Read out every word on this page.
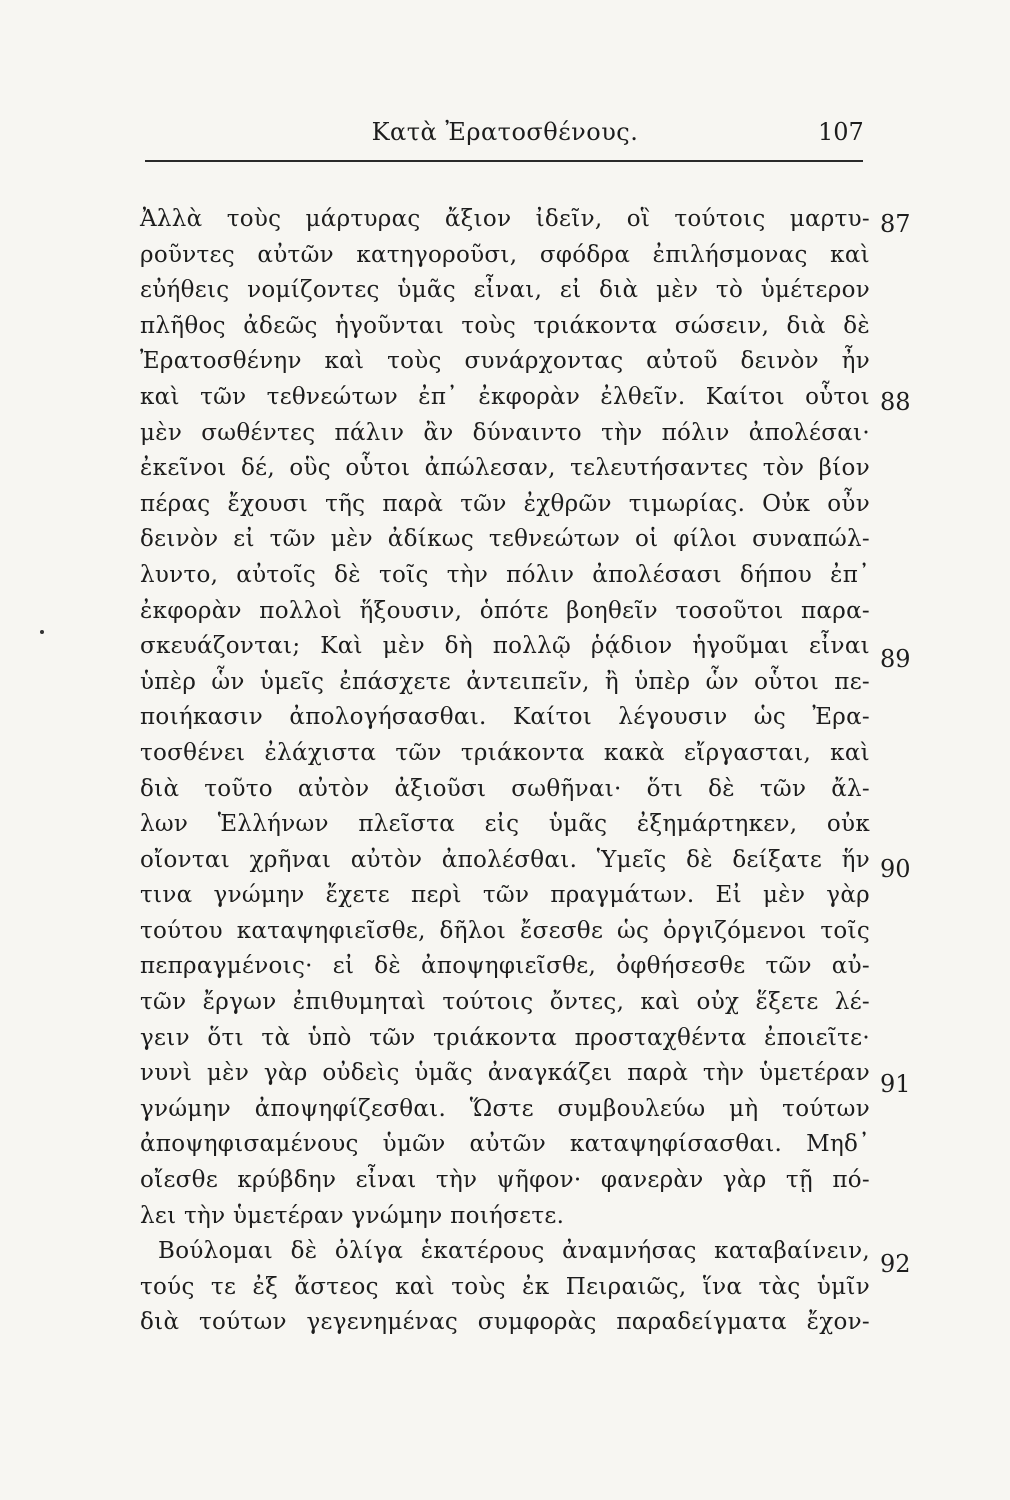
Κατὰ Ἐρατοσθένους.	107
Ἀλλὰ τοὺς μάρτυρας ἄξιον ἰδεῖν, οἳ τούτοις μαρτυ-
ροῦντες αὐτῶν κατηγοροῦσι, σφόδρα ἐπιλήσμονας καὶ
εὐήθεις νομίζοντες ὑμᾶς εἶναι, εἰ διὰ μὲν τὸ ὑμέτερον
πλῆθος ἀδεῶς ἡγοῦνται τοὺς τριάκοντα σώσειν, διὰ δὲ
Ἐρατοσθένην καὶ τοὺς συνάρχοντας αὐτοῦ δεινὸν ἦν
καὶ τῶν τεθνεώτων ἐπ᾽ ἐκφορὰν ἐλθεῖν. Καίτοι οὗτοι
μὲν σωθέντες πάλιν ἂν δύναιντο τὴν πόλιν ἀπολέσαι·
ἐκεῖνοι δέ, οὓς οὗτοι ἀπώλεσαν, τελευτήσαντες τὸν βίον
πέρας ἔχουσι τῆς παρὰ τῶν ἐχθρῶν τιμωρίας. Οὐκ οὖν
δεινὸν εἰ τῶν μὲν ἀδίκως τεθνεώτων οἱ φίλοι συναπώλ-
λυντο, αὐτοῖς δὲ τοῖς τὴν πόλιν ἀπολέσασι δήπου ἐπ᾽
ἐκφορὰν πολλοὶ ἥξουσιν, ὁπότε βοηθεῖν τοσοῦτοι παρα-
σκευάζονται; Καὶ μὲν δὴ πολλῷ ῥᾴδιον ἡγοῦμαι εἶναι
ὑπὲρ ὧν ὑμεῖς ἐπάσχετε ἀντειπεῖν, ἢ ὑπὲρ ὧν οὗτοι πε-
ποιήκασιν ἀπολογήσασθαι. Καίτοι λέγουσιν ὡς Ἐρα-
τοσθένει ἐλάχιστα τῶν τριάκοντα κακὰ εἴργασται, καὶ
διὰ τοῦτο αὐτὸν ἀξιοῦσι σωθῆναι· ὅτι δὲ τῶν ἄλ-
λων Ἑλλήνων πλεῖστα εἰς ὑμᾶς ἐξημάρτηκεν, οὐκ
οἴονται χρῆναι αὐτὸν ἀπολέσθαι. Ὑμεῖς δὲ δείξατε ἥν
τινα γνώμην ἔχετε περὶ τῶν πραγμάτων. Εἰ μὲν γὰρ
τούτου καταψηφιεῖσθε, δῆλοι ἔσεσθε ὡς ὀργιζόμενοι τοῖς
πεπραγμένοις· εἰ δὲ ἀποψηφιεῖσθε, ὀφθήσεσθε τῶν αὐ-
τῶν ἔργων ἐπιθυμηταὶ τούτοις ὄντες, καὶ οὐχ ἕξετε λέ-
γειν ὅτι τὰ ὑπὸ τῶν τριάκοντα προσταχθέντα ἐποιεῖτε·
νυνὶ μὲν γὰρ οὐδεὶς ὑμᾶς ἀναγκάζει παρὰ τὴν ὑμετέραν
γνώμην ἀποψηφίζεσθαι. Ὥστε συμβουλεύω μὴ τούτων
ἀποψηφισαμένους ὑμῶν αὐτῶν καταψηφίσασθαι. Μηδ᾽
οἴεσθε κρύβδην εἶναι τὴν ψῆφον· φανερὰν γὰρ τῇ πό-
λει τὴν ὑμετέραν γνώμην ποιήσετε.
Βούλομαι δὲ ὀλίγα ἑκατέρους ἀναμνήσας καταβαίνειν,
τούς τε ἐξ ἄστεος καὶ τοὺς ἐκ Πειραιῶς, ἵνα τὰς ὑμῖν
διὰ τούτων γεγενημένας συμφορὰς παραδείγματα ἔχον-
87
88
89
90
91
92
